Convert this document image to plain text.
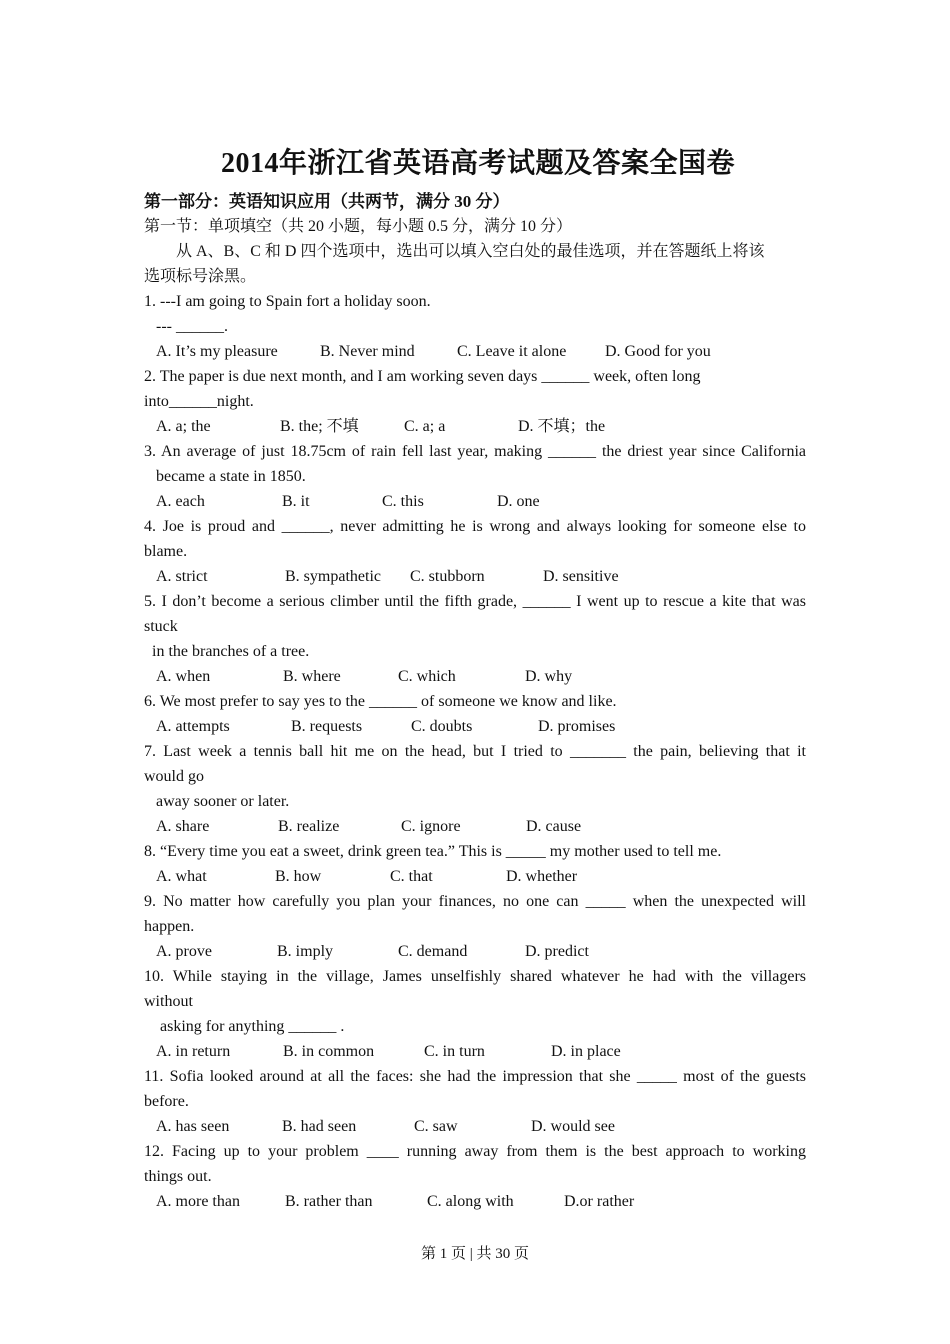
2014年浙江省英语高考试题及答案全国卷
第一部分：英语知识应用（共两节，满分 30 分）
第一节：单项填空（共 20 小题，每小题 0.5 分，满分 10 分）
从 A、B、C 和 D 四个选项中，选出可以填入空白处的最佳选项，并在答题纸上将该
选项标号涂黑。
1. ---I am going to Spain fort a holiday soon.
--- ______.
A. It’s my pleasure	B. Never mind	C. Leave it alone D. Good for you
2. The paper is due next month, and I am working seven days ______ week, often long
into______night.
A. a; the	B. the; 不填	C. a; a	D. 不填；the
3. An average of just 18.75cm of rain fell last year, making ______ the driest year since California
became a state in 1850.
A. each	B. it	C. this	D. one
4. Joe is proud and ______, never admitting he is wrong and always looking for someone else to
blame.
A. strict	B. sympathetic C. stubborn	D. sensitive
5. I don’t become a serious climber until the fifth grade, ______ I went up to rescue a kite that was
stuck
in the branches of a tree.
A. when	B. where	C. which	D. why
6. We most prefer to say yes to the ______ of someone we know and like.
A. attempts	B. requests	C. doubts	D. promises
7. Last week a tennis ball hit me on the head, but I tried to _______ the pain, believing that it
would go
away sooner or later.
A. share	B. realize	C. ignore	D. cause
8. “Every time you eat a sweet, drink green tea.” This is _____ my mother used to tell me.
A. what	B. how	C. that	D. whether
9. No matter how carefully you plan your finances, no one can _____ when the unexpected will
happen.
A. prove	B. imply	C. demand	D. predict
10. While staying in the village, James unselfishly shared whatever he had with the villagers
without
asking for anything ______ .
A. in return	B. in common	C. in turn	D. in place
11. Sofia looked around at all the faces: she had the impression that she _____ most of the guests
before.
A. has seen	B. had seen	C. saw	D. would see
12. Facing up to your problem ____ running away from them is the best approach to working
things out.
A. more than	B. rather than	C. along with	D.or rather
第 1 页 | 共 30 页
